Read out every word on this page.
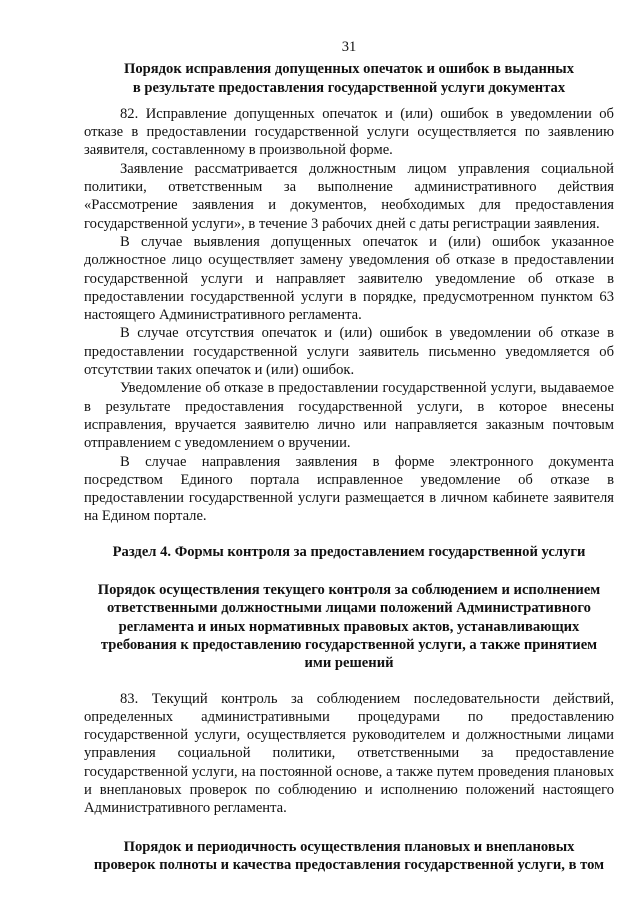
31

Порядок исправления допущенных опечаток и ошибок в выданных

в результате предоставления государственной услуги документах

82. Исправление допущенных опечаток и (или) ошибок в уведомлении об отказе в предоставлении государственной услуги осуществляется по заявлению заявителя, составленному в произвольной форме.

Заявление рассматривается должностным лицом управления социальной политики, ответственным за выполнение административного действия «Рассмотрение заявления и документов, необходимых для предоставления государственной услуги», в течение 3 рабочих дней с даты регистрации заявления.

В случае выявления допущенных опечаток и (или) ошибок указанное должностное лицо осуществляет замену уведомления об отказе в предоставлении государственной услуги и направляет заявителю уведомление об отказе в предоставлении государственной услуги в порядке, предусмотренном пунктом 63 настоящего Административного регламента.

В случае отсутствия опечаток и (или) ошибок в уведомлении об отказе в предоставлении государственной услуги заявитель письменно уведомляется об отсутствии таких опечаток и (или) ошибок.

Уведомление об отказе в предоставлении государственной услуги, выдаваемое в результате предоставления государственной услуги, в которое внесены исправления, вручается заявителю лично или направляется заказным почтовым отправлением с уведомлением о вручении.

В случае направления заявления в форме электронного документа посредством Единого портала исправленное уведомление об отказе в предоставлении государственной услуги размещается в личном кабинете заявителя на Едином портале.

Раздел 4. Формы контроля за предоставлением государственной услуги

Порядок осуществления текущего контроля за соблюдением и исполнением

ответственными должностными лицами положений Административного

регламента и иных нормативных правовых актов, устанавливающих

требования к предоставлению государственной услуги, а также принятием

ими решений

83. Текущий контроль за соблюдением последовательности действий, определенных административными процедурами по предоставлению государственной услуги, осуществляется руководителем и должностными лицами управления социальной политики, ответственными за предоставление государственной услуги, на постоянной основе, а также путем проведения плановых и внеплановых проверок по соблюдению и исполнению положений настоящего Административного регламента.

Порядок и периодичность осуществления плановых и внеплановых

проверок полноты и качества предоставления государственной услуги, в том
